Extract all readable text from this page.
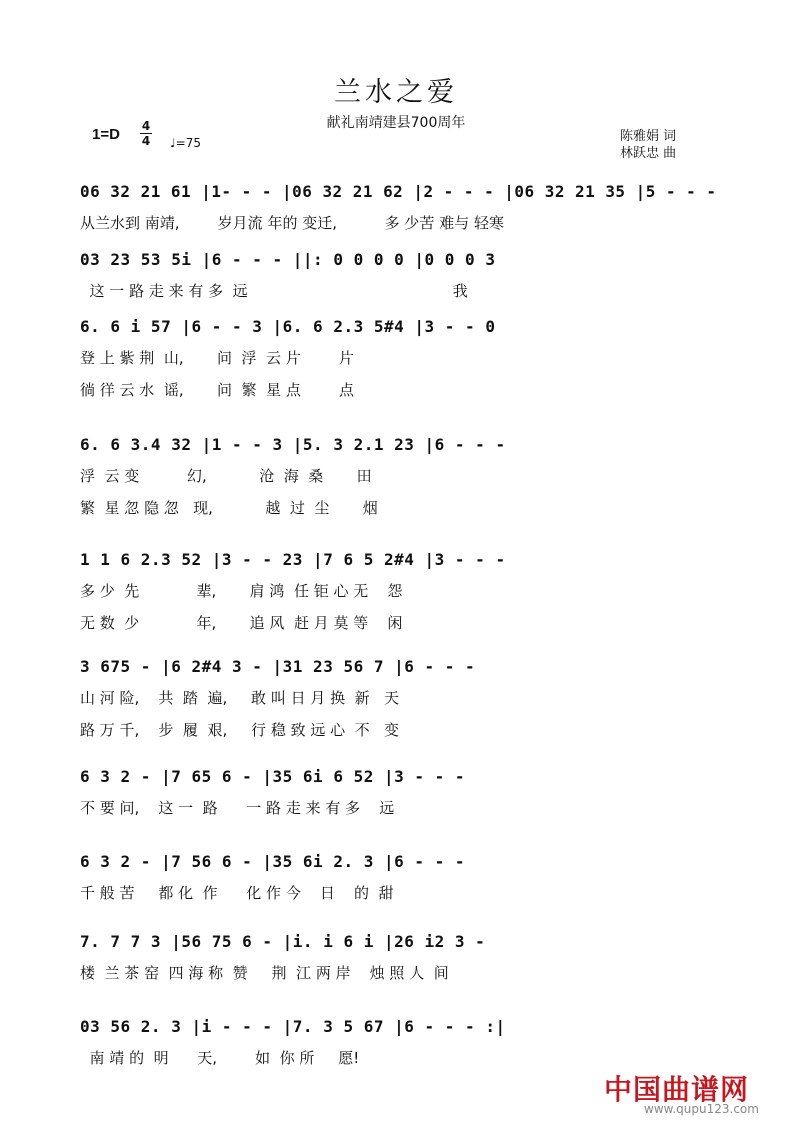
兰水之爱
献礼南靖建县700周年
1=D 4
4 ♩=75	陈雅娟 词
林跃忠 曲
06 32 21 61 |1- - - |06 32 21 62 |2 - - - |06 32 21 35 |5 - - -
从兰水到 南靖,        岁月流 年的 变迁,          多 少苦 难与 轻寒
03 23 53 5i |6 - - - ||: 0 0 0 0 |0 0 0 3
这 一 路 走 来 有 多  远                                           我
6. 6 i 57 |6 - - 3 |6. 6 2.3 5#4 |3 - - 0
登 上 紫 荆  山,       问  浮  云 片        片
徜 徉 云 水  谣,       问  繁  星 点        点
6. 6 3.4 32 |1 - - 3 |5. 3 2.1 23 |6 - - -
浮  云 变          幻,           沧  海  桑       田
繁  星 忽 隐 忽   现,           越  过  尘       烟
1 1 6 2.3 52 |3 - - 23 |7 6 5 2#4 |3 - - -
多 少  先            辈,       肩 鸿  任 钜 心 无    怨
无 数  少            年,       追 风  赶 月 莫 等    闲
3 675 - |6 2#4 3 - |31 23 56 7 |6 - - -
山 河 险,    共  踏  遍,     敢 叫 日 月 换  新   天
路 万 千,    步  履  艰,     行 稳 致 远 心  不   变
6 3 2 - |7 65 6 - |35 6i 6 52 |3 - - -
不 要 问,    这 一  路      一 路 走 来 有 多    远
6 3 2 - |7 56 6 - |35 6i 2. 3 |6 - - -
千 般 苦     都 化  作      化 作 今    日    的  甜
7. 7 7 3 |56 75 6 - |i. i 6 i |26 i2 3 -
楼  兰 茶 窑  四 海 称  赞     荆  江 两 岸    烛 照 人  间
03 56 2. 3 |i - - - |7. 3 5 67 |6 - - - :|
南 靖 的  明      天,        如  你 所     愿!
中国曲谱网
www.qupu123.com
